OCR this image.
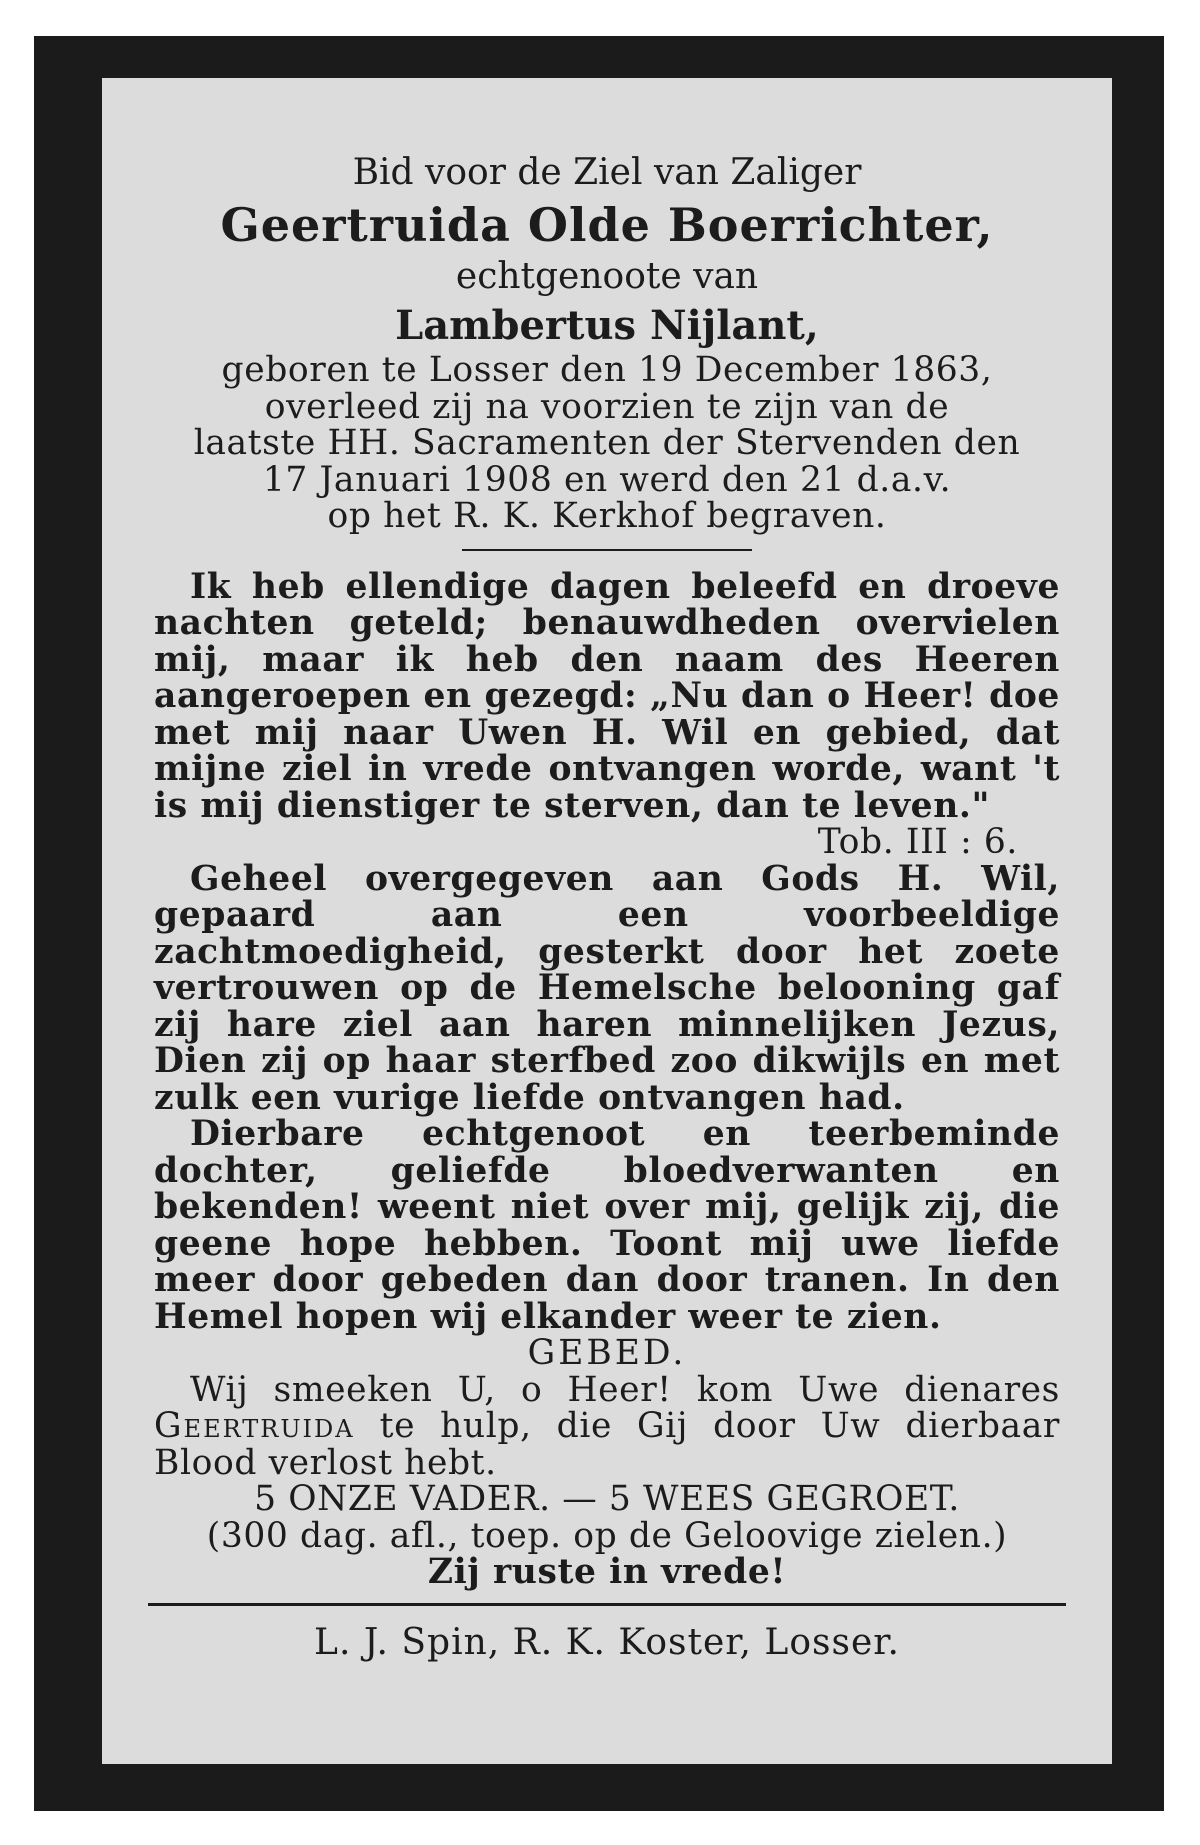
Bid voor de Ziel van Zaliger

Geertruida Olde Boerrichter,

echtgenoote van

Lambertus Nijlant,

geboren te Losser den 19 December 1863,

overleed zij na voorzien te zijn van de

laatste HH. Sacramenten der Stervenden den

17 Januari 1908 en werd den 21 d.a.v.

op het R. K. Kerkhof begraven.

Ik heb ellendige dagen beleefd en droeve nachten geteld; benauwdheden overvielen mij, maar ik heb den naam des Heeren aangeroepen en gezegd: „Nu dan o Heer! doe met mij naar Uwen H. Wil en gebied, dat mijne ziel in vrede ontvangen worde, want 't is mij dienstiger te sterven, dan te leven."

Tob. III : 6.

Geheel overgegeven aan Gods H. Wil, gepaard aan een voorbeeldige zachtmoedigheid, gesterkt door het zoete vertrouwen op de Hemelsche belooning gaf zij hare ziel aan haren minnelijken Jezus, Dien zij op haar sterfbed zoo dikwijls en met zulk een vurige liefde ontvangen had.

Dierbare echtgenoot en teerbeminde dochter, geliefde bloedverwanten en bekenden! weent niet over mij, gelijk zij, die geene hope hebben. Toont mij uwe liefde meer door gebeden dan door tranen. In den Hemel hopen wij elkander weer te zien.

GEBED.

Wij smeeken U, o Heer! kom Uwe dienares Geertruida te hulp, die Gij door Uw dierbaar Blood verlost hebt.

5 ONZE VADER. — 5 WEES GEGROET.

(300 dag. afl., toep. op de Geloovige zielen.)

Zij ruste in vrede!

L. J. Spin, R. K. Koster, Losser.
